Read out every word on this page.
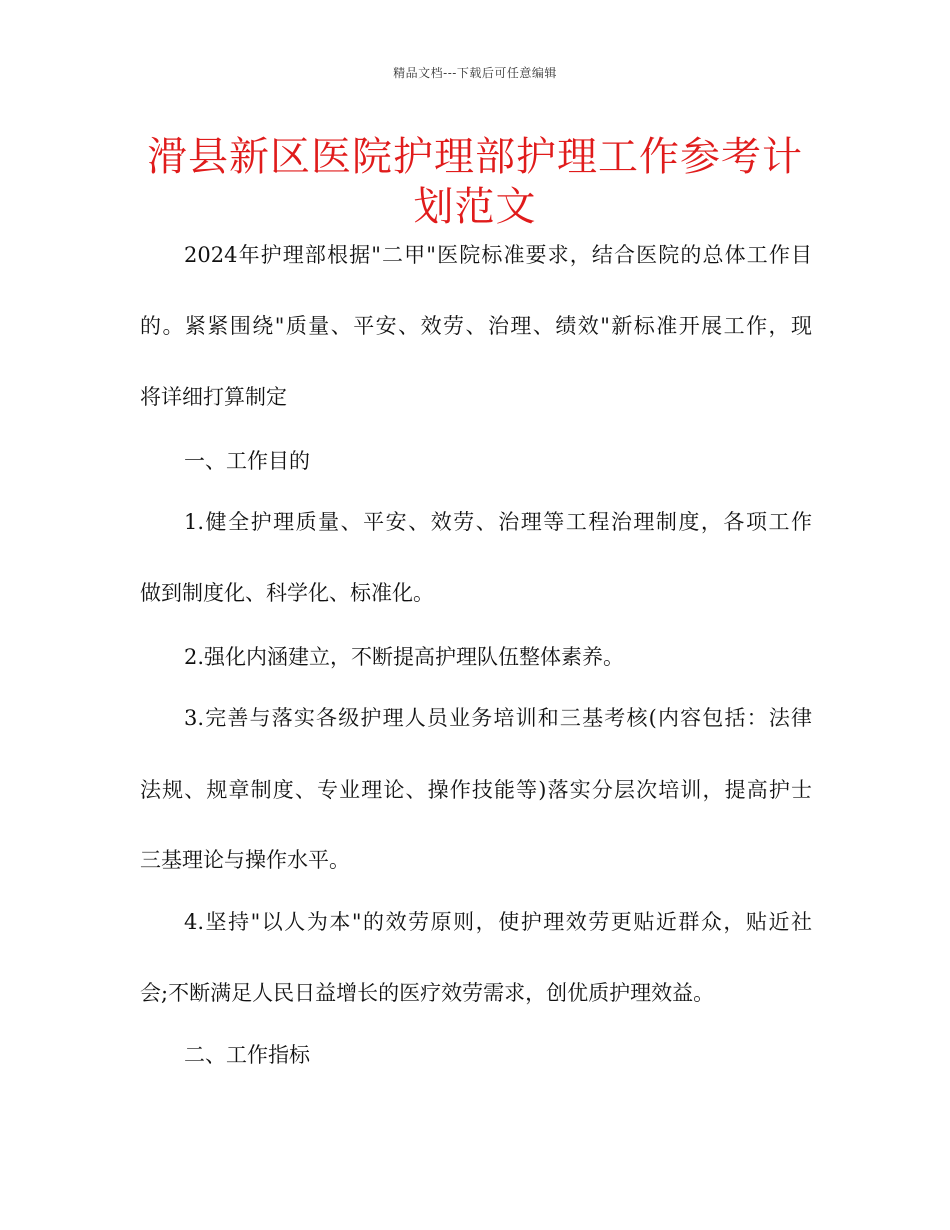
精品文档---下载后可任意编辑
滑县新区医院护理部护理工作参考计划范文
2024年护理部根据"二甲"医院标准要求，结合医院的总体工作目
的。紧紧围绕"质量、平安、效劳、治理、绩效"新标准开展工作，现
将详细打算制定
一、工作目的
1.健全护理质量、平安、效劳、治理等工程治理制度，各项工作
做到制度化、科学化、标准化。
2.强化内涵建立，不断提高护理队伍整体素养。
3.完善与落实各级护理人员业务培训和三基考核(内容包括：法律
法规、规章制度、专业理论、操作技能等)落实分层次培训，提高护士
三基理论与操作水平。
4.坚持"以人为本"的效劳原则，使护理效劳更贴近群众，贴近社
会;不断满足人民日益增长的医疗效劳需求，创优质护理效益。
二、工作指标
